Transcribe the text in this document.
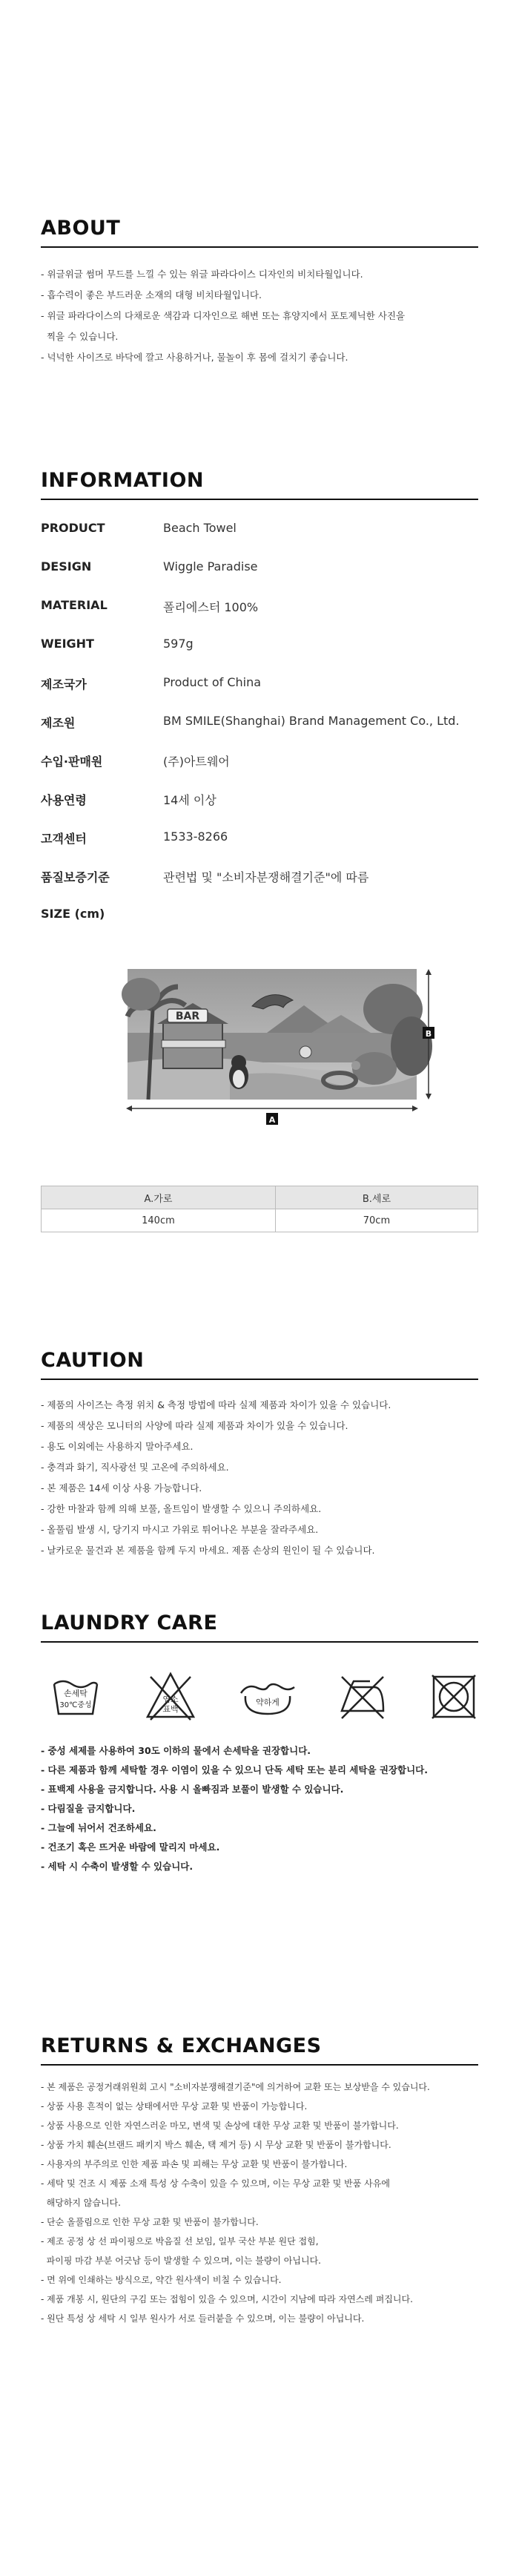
ABOUT
- 위글위글 썸머 무드를 느낄 수 있는 위글 파라다이스 디자인의 비치타월입니다.
- 흡수력이 좋은 부드러운 소재의 대형 비치타월입니다.
- 위글 파라다이스의 다채로운 색감과 디자인으로 해변 또는 휴양지에서 포토제닉한 사진을
찍을 수 있습니다.
- 넉넉한 사이즈로 바닥에 깔고 사용하거나, 물놀이 후 몸에 걸치기 좋습니다.
INFORMATION
PRODUCT	Beach Towel
DESIGN	Wiggle Paradise
MATERIAL	폴리에스터 100%
WEIGHT	597g
제조국가	Product of China
제조원	BM SMILE(Shanghai) Brand Management Co., Ltd.
수입·판매원	(주)아트웨어
사용연령	14세 이상
고객센터	1533-8266
품질보증기준	관련법 및 "소비자분쟁해결기준"에 따름
SIZE (cm)
BAR
B
A
A.가로	B.세로
140cm	70cm
CAUTION
- 제품의 사이즈는 측정 위치 & 측정 방법에 따라 실제 제품과 차이가 있을 수 있습니다.
- 제품의 색상은 모니터의 사양에 따라 실제 제품과 차이가 있을 수 있습니다.
- 용도 이외에는 사용하지 말아주세요.
- 충격과 화기, 직사광선 및 고온에 주의하세요.
- 본 제품은 14세 이상 사용 가능합니다.
- 강한 마찰과 함께 의해 보풀, 올트임이 발생할 수 있으니 주의하세요.
- 올풀림 발생 시, 당기지 마시고 가위로 튀어나온 부분을 잘라주세요.
- 날카로운 물건과 본 제품을 함께 두지 마세요. 제품 손상의 원인이 될 수 있습니다.
LAUNDRY CARE
손세탁
30℃중성
염소
표백
약하게
- 중성 세제를 사용하여 30도 이하의 물에서 손세탁을 권장합니다.
- 다른 제품과 함께 세탁할 경우 이염이 있을 수 있으니 단독 세탁 또는 분리 세탁을 권장합니다.
- 표백제 사용을 금지합니다. 사용 시 올빠짐과 보풀이 발생할 수 있습니다.
- 다림질을 금지합니다.
- 그늘에 뉘어서 건조하세요.
- 건조기 혹은 뜨거운 바람에 말리지 마세요.
- 세탁 시 수축이 발생할 수 있습니다.
RETURNS & EXCHANGES
- 본 제품은 공정거래위원회 고시 "소비자분쟁해결기준"에 의거하여 교환 또는 보상받을 수 있습니다.
- 상품 사용 흔적이 없는 상태에서만 무상 교환 및 반품이 가능합니다.
- 상품 사용으로 인한 자연스러운 마모, 변색 및 손상에 대한 무상 교환 및 반품이 불가합니다.
- 상품 가치 훼손(브랜드 패키지 박스 훼손, 택 제거 등) 시 무상 교환 및 반품이 불가합니다.
- 사용자의 부주의로 인한 제품 파손 및 피해는 무상 교환 및 반품이 불가합니다.
- 세탁 및 건조 시 제품 소재 특성 상 수축이 있을 수 있으며, 이는 무상 교환 및 반품 사유에
해당하지 않습니다.
- 단순 올풀림으로 인한 무상 교환 및 반품이 불가합니다.
- 제조 공정 상 선 파이핑으로 박음질 선 보임, 일부 국산 부분 원단 접힘,
파이핑 마감 부분 어긋남 등이 발생할 수 있으며, 이는 불량이 아닙니다.
- 면 위에 인쇄하는 방식으로, 약간 원사색이 비칠 수 있습니다.
- 제품 개봉 시, 원단의 구김 또는 접힘이 있을 수 있으며, 시간이 지남에 따라 자연스레 펴집니다.
- 원단 특성 상 세탁 시 일부 원사가 서로 들러붙을 수 있으며, 이는 불량이 아닙니다.
